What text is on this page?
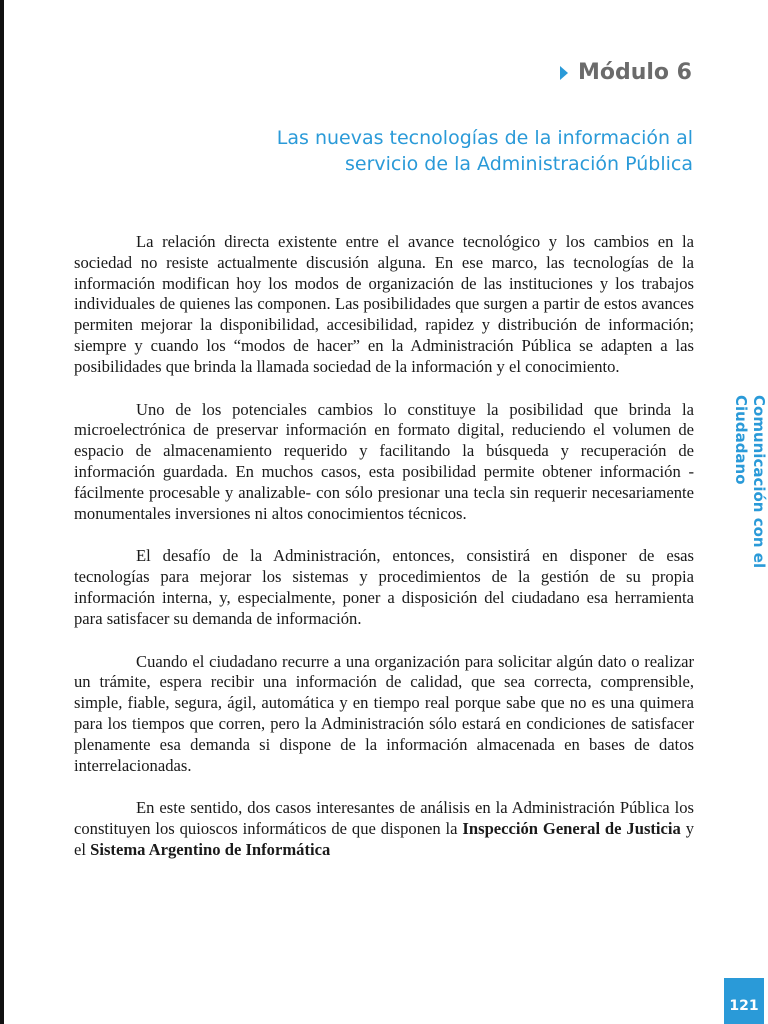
Módulo 6
Las nuevas tecnologías de la información al
servicio de la Administración Pública
Comunicación con el Ciudadano

La relación directa existente entre el avance tecnológico y los cambios en la sociedad no resiste actualmente discusión alguna. En ese marco, las tecnologías de la información modifican hoy los modos de organización de las instituciones y los trabajos individuales de quienes las componen. Las posibilidades que surgen a partir de estos avances permiten mejorar la disponibilidad, accesibilidad, rapidez y distribución de información; siempre y cuando los “modos de hacer” en la Administración Pública se adapten a las posibilidades que brinda la llamada sociedad de la información y el conocimiento.

Uno de los potenciales cambios lo constituye la posibilidad que brinda la microelectrónica de preservar información en formato digital, reduciendo el volumen de espacio de almacenamiento requerido y facilitando la búsqueda y recuperación de información guardada. En muchos casos, esta posibilidad permite obtener información -fácilmente procesable y analizable- con sólo presionar una tecla sin requerir necesariamente monumentales inversiones ni altos conocimientos técnicos.

El desafío de la Administración, entonces, consistirá en disponer de esas tecnologías para mejorar los sistemas y procedimientos de la gestión de su propia información interna, y, especialmente, poner a disposición del ciudadano esa herramienta para satisfacer su demanda de información.

Cuando el ciudadano recurre a una organización para solicitar algún dato o realizar un trámite, espera recibir una información de calidad, que sea correcta, comprensible, simple, fiable, segura, ágil, automática y en tiempo real porque sabe que no es una quimera para los tiempos que corren, pero la Administración sólo estará en condiciones de satisfacer plenamente esa demanda si dispone de la información almacenada en bases de datos interrelacionadas.

En este sentido, dos casos interesantes de análisis en la Administración Pública los constituyen los quioscos informáticos de que disponen la Inspección General de Justicia y el Sistema Argentino de Informática

121
